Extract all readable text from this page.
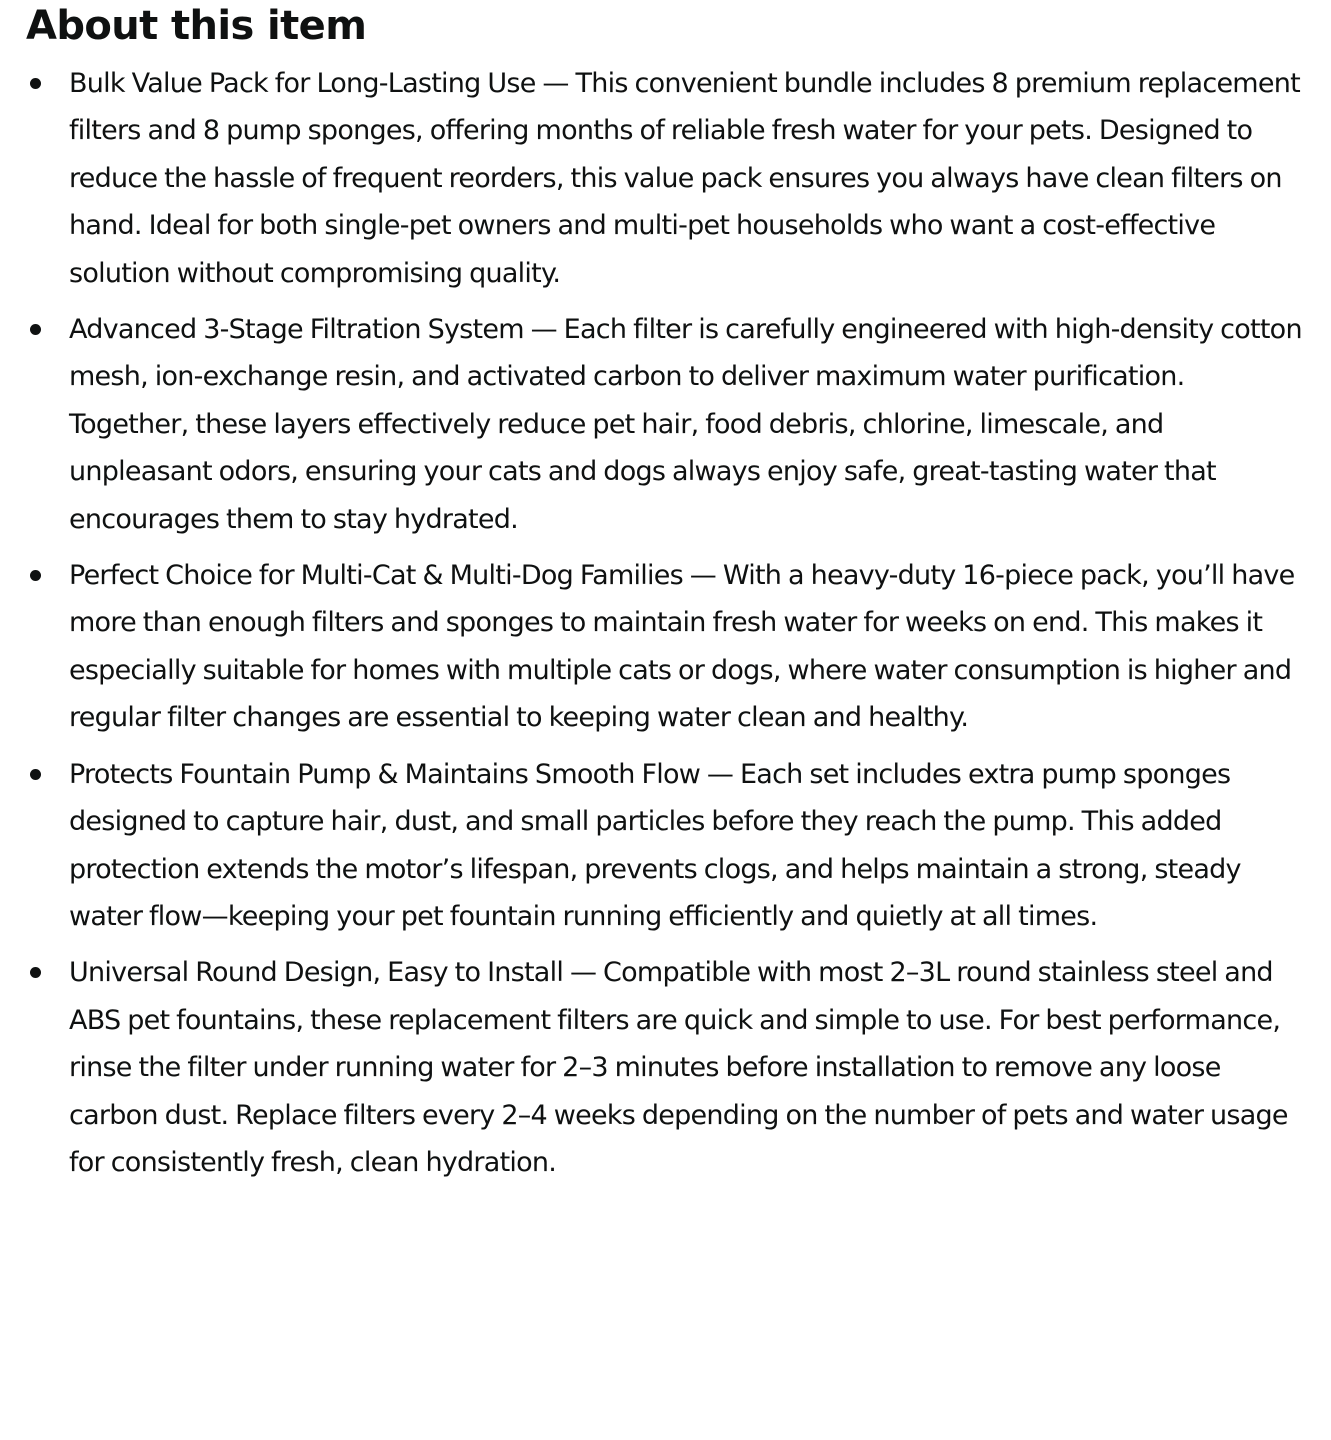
About this item
Bulk Value Pack for Long-Lasting Use — This convenient bundle includes 8 premium replacement filters and 8 pump sponges, offering months of reliable fresh water for your pets. Designed to reduce the hassle of frequent reorders, this value pack ensures you always have clean filters on hand. Ideal for both single-pet owners and multi-pet households who want a cost-effective solution without compromising quality.
Advanced 3-Stage Filtration System — Each filter is carefully engineered with high-density cotton mesh, ion-exchange resin, and activated carbon to deliver maximum water purification. Together, these layers effectively reduce pet hair, food debris, chlorine, limescale, and unpleasant odors, ensuring your cats and dogs always enjoy safe, great-tasting water that encourages them to stay hydrated.
Perfect Choice for Multi-Cat & Multi-Dog Families — With a heavy-duty 16-piece pack, you’ll have more than enough filters and sponges to maintain fresh water for weeks on end. This makes it especially suitable for homes with multiple cats or dogs, where water consumption is higher and regular filter changes are essential to keeping water clean and healthy.
Protects Fountain Pump & Maintains Smooth Flow — Each set includes extra pump sponges designed to capture hair, dust, and small particles before they reach the pump. This added protection extends the motor’s lifespan, prevents clogs, and helps maintain a strong, steady water flow—keeping your pet fountain running efficiently and quietly at all times.
Universal Round Design, Easy to Install — Compatible with most 2–3L round stainless steel and ABS pet fountains, these replacement filters are quick and simple to use. For best performance, rinse the filter under running water for 2–3 minutes before installation to remove any loose carbon dust. Replace filters every 2–4 weeks depending on the number of pets and water usage for consistently fresh, clean hydration.
